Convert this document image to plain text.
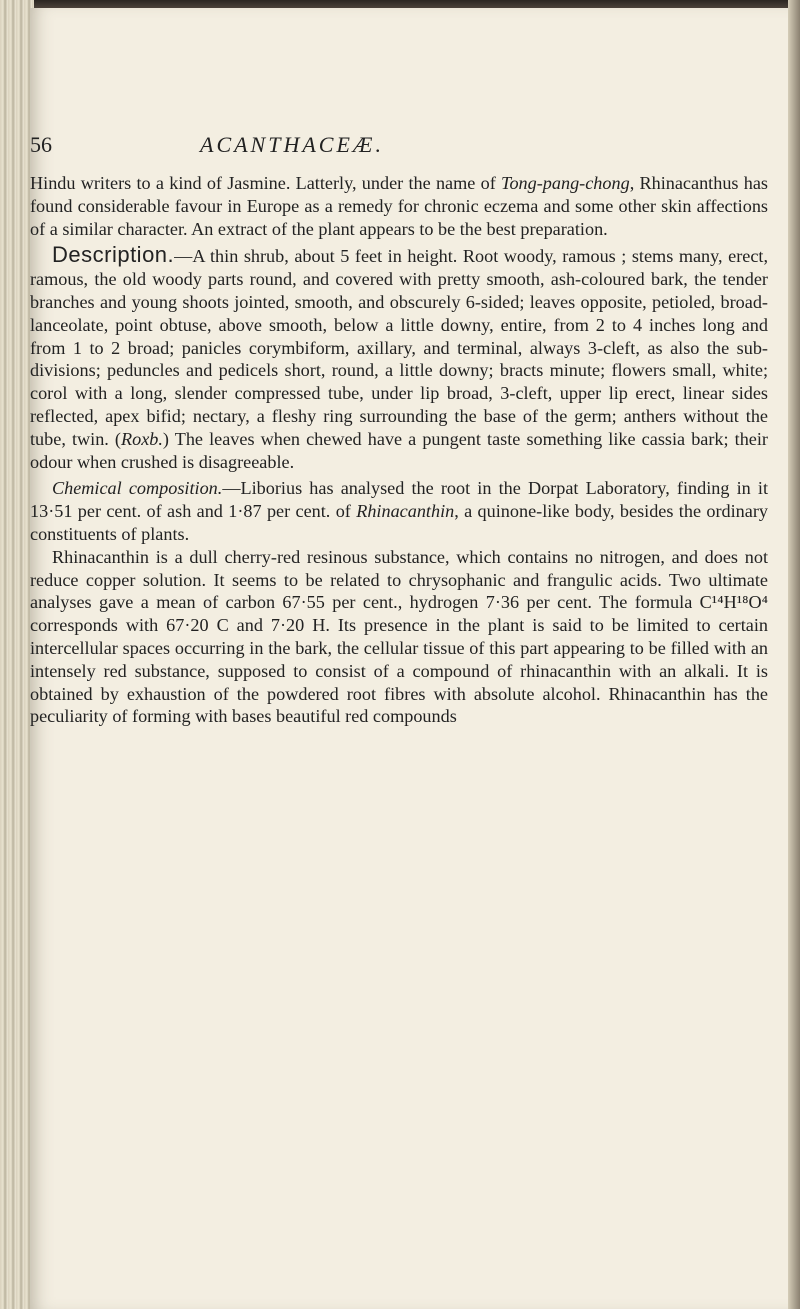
56	ACANTHACEÆ.

Hindu writers to a kind of Jasmine. Latterly, under the name of Tong-pang-chong, Rhinacanthus has found considerable favour in Europe as a remedy for chronic eczema and some other skin affections of a similar character. An extract of the plant appears to be the best preparation.

Description.—A thin shrub, about 5 feet in height. Root woody, ramous ; stems many, erect, ramous, the old woody parts round, and covered with pretty smooth, ash-coloured bark, the tender branches and young shoots jointed, smooth, and obscurely 6-sided; leaves opposite, petioled, broad-lanceolate, point obtuse, above smooth, below a little downy, entire, from 2 to 4 inches long and from 1 to 2 broad; panicles corymbiform, axillary, and terminal, always 3-cleft, as also the sub-divisions; peduncles and pedicels short, round, a little downy; bracts minute; flowers small, white; corol with a long, slender compressed tube, under lip broad, 3-cleft, upper lip erect, linear sides reflected, apex bifid; nectary, a fleshy ring surrounding the base of the germ; anthers without the tube, twin. (Roxb.) The leaves when chewed have a pungent taste something like cassia bark; their odour when crushed is disagreeable.

Chemical composition.—Liborius has analysed the root in the Dorpat Laboratory, finding in it 13·51 per cent. of ash and 1·87 per cent. of Rhinacanthin, a quinone-like body, besides the ordinary constituents of plants.

Rhinacanthin is a dull cherry-red resinous substance, which contains no nitrogen, and does not reduce copper solution. It seems to be related to chrysophanic and frangulic acids. Two ultimate analyses gave a mean of carbon 67·55 per cent., hydrogen 7·36 per cent. The formula C¹⁴H¹⁸O⁴ corresponds with 67·20 C and 7·20 H. Its presence in the plant is said to be limited to certain intercellular spaces occurring in the bark, the cellular tissue of this part appearing to be filled with an intensely red substance, supposed to consist of a compound of rhinacanthin with an alkali. It is obtained by exhaustion of the powdered root fibres with absolute alcohol. Rhinacanthin has the peculiarity of forming with bases beautiful red compounds
